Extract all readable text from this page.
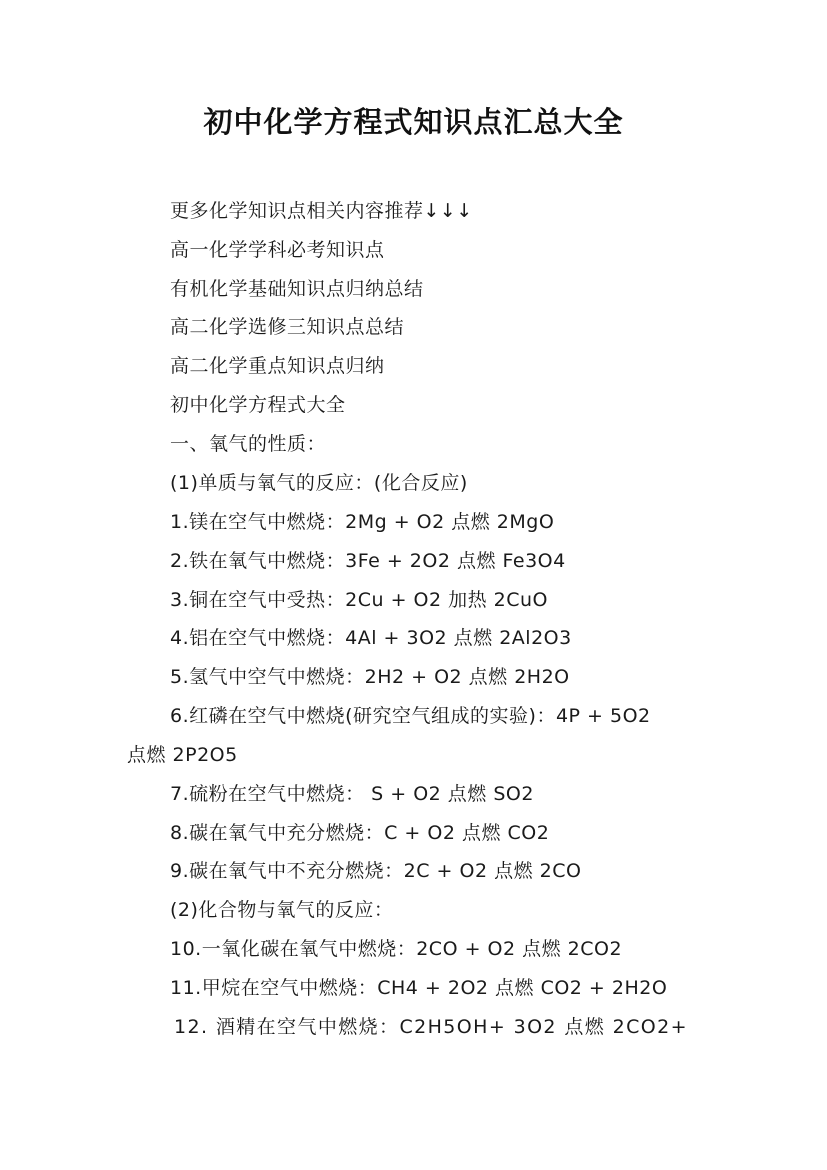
初中化学方程式知识点汇总大全
更多化学知识点相关内容推荐↓↓↓
高一化学学科必考知识点
有机化学基础知识点归纳总结
高二化学选修三知识点总结
高二化学重点知识点归纳
初中化学方程式大全
一、氧气的性质：
(1)单质与氧气的反应：(化合反应)
1.镁在空气中燃烧：2Mg + O2 点燃 2MgO
2.铁在氧气中燃烧：3Fe + 2O2 点燃 Fe3O4
3.铜在空气中受热：2Cu + O2 加热 2CuO
4.铝在空气中燃烧：4Al + 3O2 点燃 2Al2O3
5.氢气中空气中燃烧：2H2 + O2 点燃 2H2O
6.红磷在空气中燃烧(研究空气组成的实验)：4P + 5O2
点燃 2P2O5
7.硫粉在空气中燃烧： S + O2 点燃 SO2
8.碳在氧气中充分燃烧：C + O2 点燃 CO2
9.碳在氧气中不充分燃烧：2C + O2 点燃 2CO
(2)化合物与氧气的反应：
10.一氧化碳在氧气中燃烧：2CO + O2 点燃 2CO2
11.甲烷在空气中燃烧：CH4 + 2O2 点燃 CO2 + 2H2O
12. 酒精在空气中燃烧：C2H5OH+ 3O2 点燃 2CO2+
